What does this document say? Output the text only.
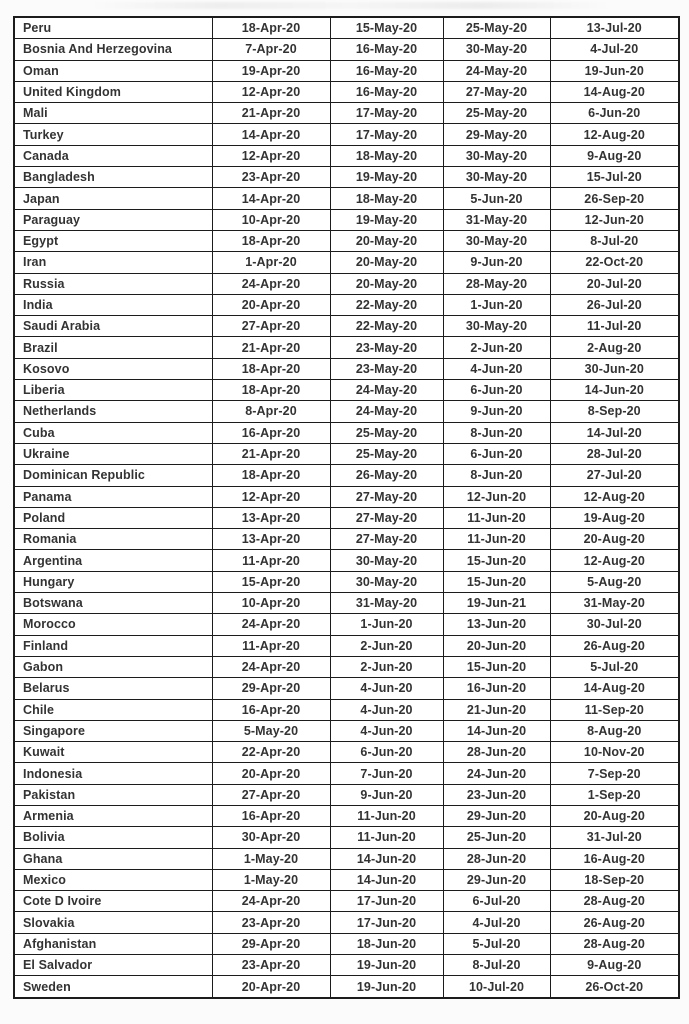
Peru	18-Apr-20	15-May-20	25-May-20	13-Jul-20
Bosnia And Herzegovina	7-Apr-20	16-May-20	30-May-20	4-Jul-20
Oman	19-Apr-20	16-May-20	24-May-20	19-Jun-20
United Kingdom	12-Apr-20	16-May-20	27-May-20	14-Aug-20
Mali	21-Apr-20	17-May-20	25-May-20	6-Jun-20
Turkey	14-Apr-20	17-May-20	29-May-20	12-Aug-20
Canada	12-Apr-20	18-May-20	30-May-20	9-Aug-20
Bangladesh	23-Apr-20	19-May-20	30-May-20	15-Jul-20
Japan	14-Apr-20	18-May-20	5-Jun-20	26-Sep-20
Paraguay	10-Apr-20	19-May-20	31-May-20	12-Jun-20
Egypt	18-Apr-20	20-May-20	30-May-20	8-Jul-20
Iran	1-Apr-20	20-May-20	9-Jun-20	22-Oct-20
Russia	24-Apr-20	20-May-20	28-May-20	20-Jul-20
India	20-Apr-20	22-May-20	1-Jun-20	26-Jul-20
Saudi Arabia	27-Apr-20	22-May-20	30-May-20	11-Jul-20
Brazil	21-Apr-20	23-May-20	2-Jun-20	2-Aug-20
Kosovo	18-Apr-20	23-May-20	4-Jun-20	30-Jun-20
Liberia	18-Apr-20	24-May-20	6-Jun-20	14-Jun-20
Netherlands	8-Apr-20	24-May-20	9-Jun-20	8-Sep-20
Cuba	16-Apr-20	25-May-20	8-Jun-20	14-Jul-20
Ukraine	21-Apr-20	25-May-20	6-Jun-20	28-Jul-20
Dominican Republic	18-Apr-20	26-May-20	8-Jun-20	27-Jul-20
Panama	12-Apr-20	27-May-20	12-Jun-20	12-Aug-20
Poland	13-Apr-20	27-May-20	11-Jun-20	19-Aug-20
Romania	13-Apr-20	27-May-20	11-Jun-20	20-Aug-20
Argentina	11-Apr-20	30-May-20	15-Jun-20	12-Aug-20
Hungary	15-Apr-20	30-May-20	15-Jun-20	5-Aug-20
Botswana	10-Apr-20	31-May-20	19-Jun-21	31-May-20
Morocco	24-Apr-20	1-Jun-20	13-Jun-20	30-Jul-20
Finland	11-Apr-20	2-Jun-20	20-Jun-20	26-Aug-20
Gabon	24-Apr-20	2-Jun-20	15-Jun-20	5-Jul-20
Belarus	29-Apr-20	4-Jun-20	16-Jun-20	14-Aug-20
Chile	16-Apr-20	4-Jun-20	21-Jun-20	11-Sep-20
Singapore	5-May-20	4-Jun-20	14-Jun-20	8-Aug-20
Kuwait	22-Apr-20	6-Jun-20	28-Jun-20	10-Nov-20
Indonesia	20-Apr-20	7-Jun-20	24-Jun-20	7-Sep-20
Pakistan	27-Apr-20	9-Jun-20	23-Jun-20	1-Sep-20
Armenia	16-Apr-20	11-Jun-20	29-Jun-20	20-Aug-20
Bolivia	30-Apr-20	11-Jun-20	25-Jun-20	31-Jul-20
Ghana	1-May-20	14-Jun-20	28-Jun-20	16-Aug-20
Mexico	1-May-20	14-Jun-20	29-Jun-20	18-Sep-20
Cote D Ivoire	24-Apr-20	17-Jun-20	6-Jul-20	28-Aug-20
Slovakia	23-Apr-20	17-Jun-20	4-Jul-20	26-Aug-20
Afghanistan	29-Apr-20	18-Jun-20	5-Jul-20	28-Aug-20
El Salvador	23-Apr-20	19-Jun-20	8-Jul-20	9-Aug-20
Sweden	20-Apr-20	19-Jun-20	10-Jul-20	26-Oct-20
